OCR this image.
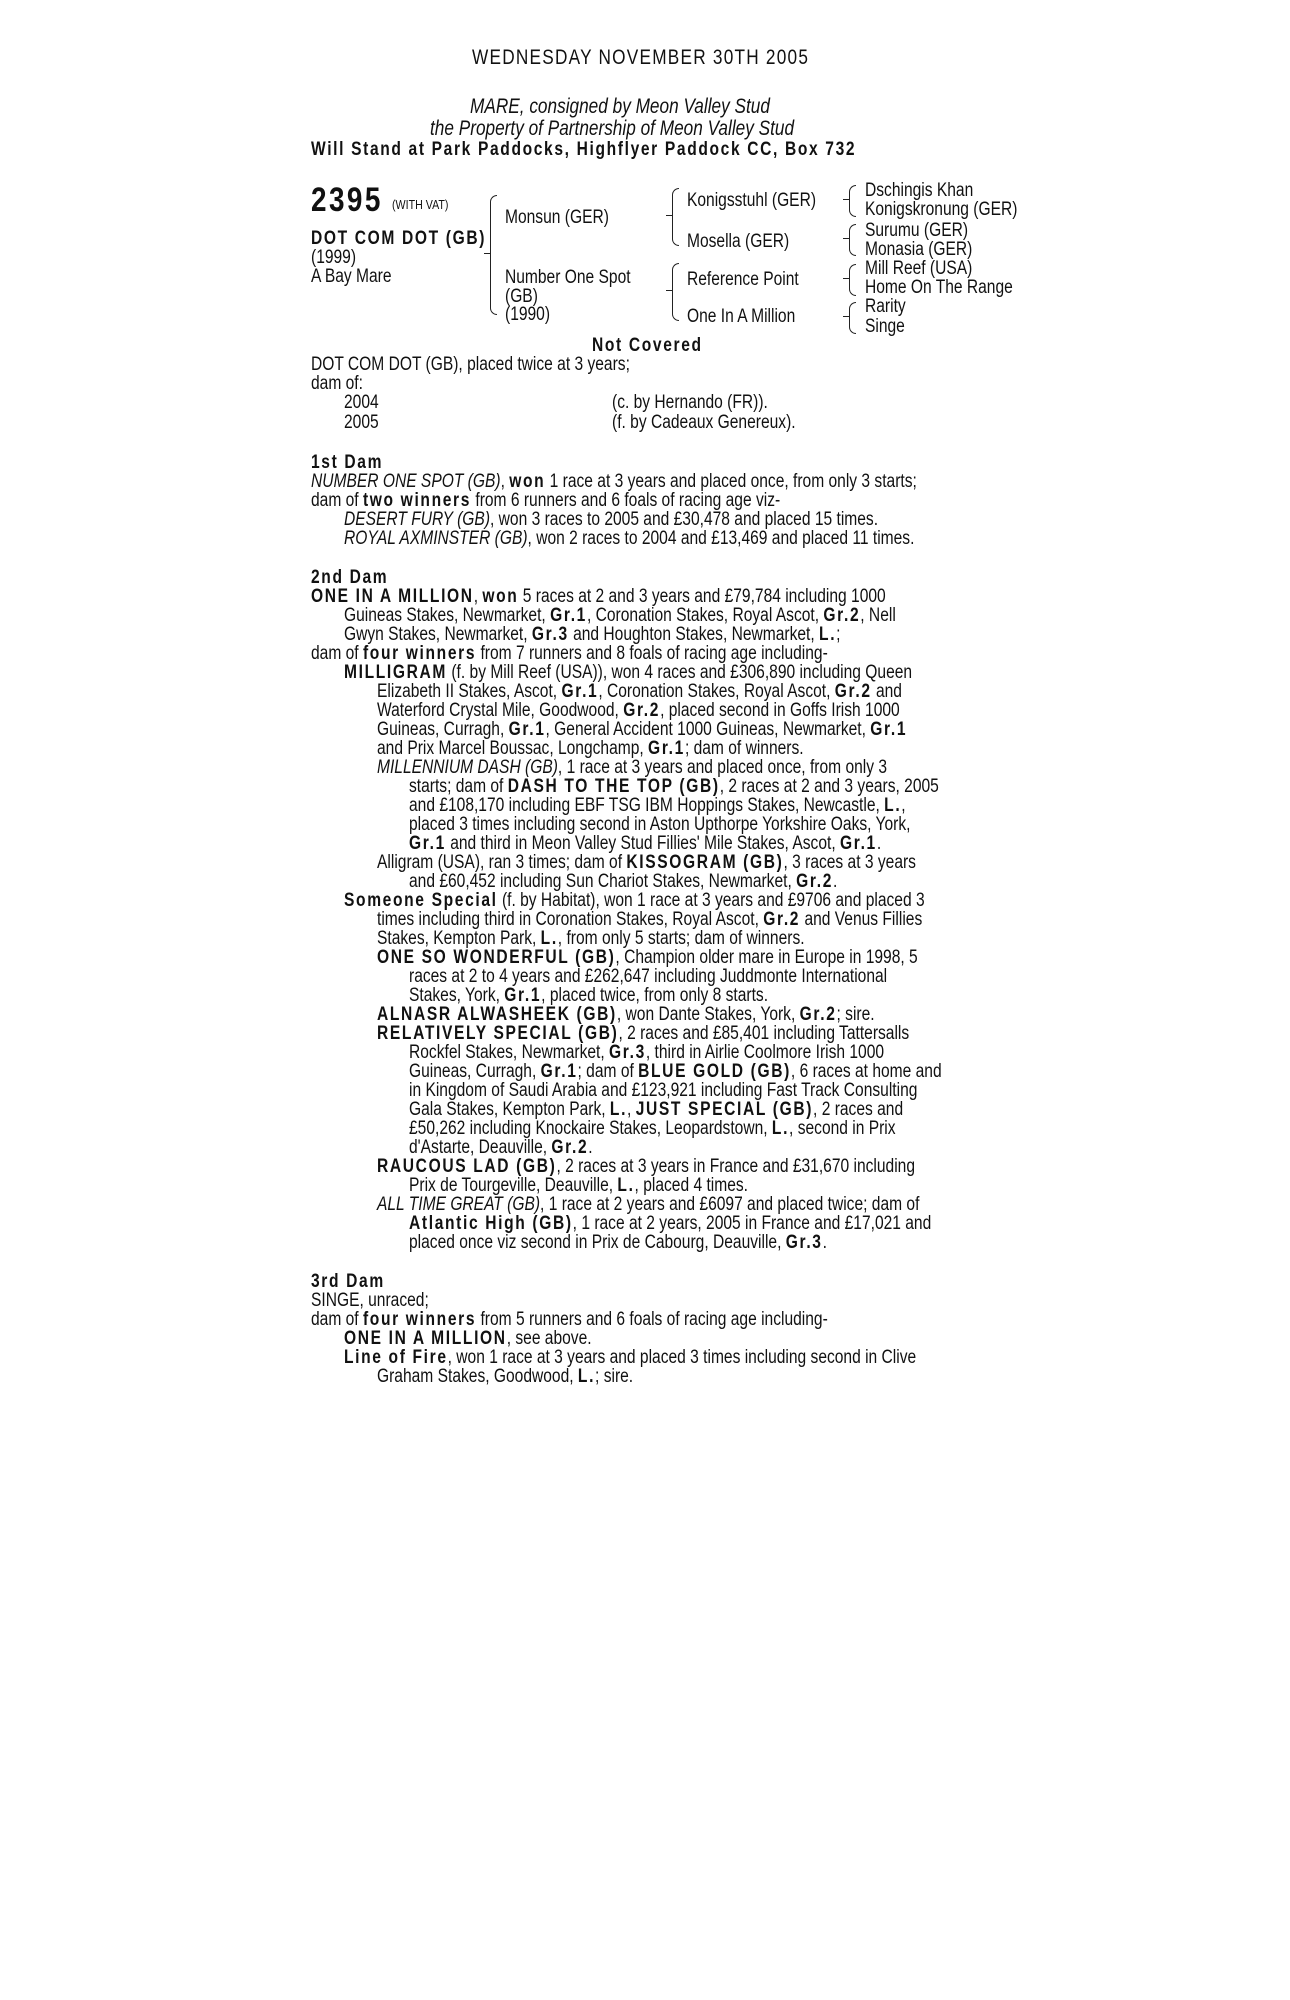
WEDNESDAY NOVEMBER 30TH 2005
MARE, consigned by Meon Valley Stud
the Property of Partnership of Meon Valley Stud
Will Stand at Park Paddocks, Highflyer Paddock CC, Box 732
2395 (WITH VAT)
DOT COM DOT (GB)
(1999)
A Bay Mare
Monsun (GER)
Number One Spot
(GB)
(1990)
Konigsstuhl (GER)
Mosella (GER)
Reference Point
One In A Million
Dschingis Khan
Konigskronung (GER)
Surumu (GER)
Monasia (GER)
Mill Reef (USA)
Home On The Range
Rarity
Singe
Not Covered
DOT COM DOT (GB), placed twice at 3 years;
dam of:
2004	(c. by Hernando (FR)).
2005	(f. by Cadeaux Genereux).
1st Dam
NUMBER ONE SPOT (GB), won 1 race at 3 years and placed once, from only 3 starts;
dam of two winners from 6 runners and 6 foals of racing age viz-
DESERT FURY (GB), won 3 races to 2005 and £30,478 and placed 15 times.
ROYAL AXMINSTER (GB), won 2 races to 2004 and £13,469 and placed 11 times.
2nd Dam
ONE IN A MILLION, won 5 races at 2 and 3 years and £79,784 including 1000
Guineas Stakes, Newmarket, Gr.1, Coronation Stakes, Royal Ascot, Gr.2, Nell
Gwyn Stakes, Newmarket, Gr.3 and Houghton Stakes, Newmarket, L.;
dam of four winners from 7 runners and 8 foals of racing age including-
MILLIGRAM (f. by Mill Reef (USA)), won 4 races and £306,890 including Queen
Elizabeth II Stakes, Ascot, Gr.1, Coronation Stakes, Royal Ascot, Gr.2 and
Waterford Crystal Mile, Goodwood, Gr.2, placed second in Goffs Irish 1000
Guineas, Curragh, Gr.1, General Accident 1000 Guineas, Newmarket, Gr.1
and Prix Marcel Boussac, Longchamp, Gr.1; dam of winners.
MILLENNIUM DASH (GB), 1 race at 3 years and placed once, from only 3
starts; dam of DASH TO THE TOP (GB), 2 races at 2 and 3 years, 2005
and £108,170 including EBF TSG IBM Hoppings Stakes, Newcastle, L.,
placed 3 times including second in Aston Upthorpe Yorkshire Oaks, York,
Gr.1 and third in Meon Valley Stud Fillies' Mile Stakes, Ascot, Gr.1.
Alligram (USA), ran 3 times; dam of KISSOGRAM (GB), 3 races at 3 years
and £60,452 including Sun Chariot Stakes, Newmarket, Gr.2.
Someone Special (f. by Habitat), won 1 race at 3 years and £9706 and placed 3
times including third in Coronation Stakes, Royal Ascot, Gr.2 and Venus Fillies
Stakes, Kempton Park, L., from only 5 starts; dam of winners.
ONE SO WONDERFUL (GB), Champion older mare in Europe in 1998, 5
races at 2 to 4 years and £262,647 including Juddmonte International
Stakes, York, Gr.1, placed twice, from only 8 starts.
ALNASR ALWASHEEK (GB), won Dante Stakes, York, Gr.2; sire.
RELATIVELY SPECIAL (GB), 2 races and £85,401 including Tattersalls
Rockfel Stakes, Newmarket, Gr.3, third in Airlie Coolmore Irish 1000
Guineas, Curragh, Gr.1; dam of BLUE GOLD (GB), 6 races at home and
in Kingdom of Saudi Arabia and £123,921 including Fast Track Consulting
Gala Stakes, Kempton Park, L., JUST SPECIAL (GB), 2 races and
£50,262 including Knockaire Stakes, Leopardstown, L., second in Prix
d'Astarte, Deauville, Gr.2.
RAUCOUS LAD (GB), 2 races at 3 years in France and £31,670 including
Prix de Tourgeville, Deauville, L., placed 4 times.
ALL TIME GREAT (GB), 1 race at 2 years and £6097 and placed twice; dam of
Atlantic High (GB), 1 race at 2 years, 2005 in France and £17,021 and
placed once viz second in Prix de Cabourg, Deauville, Gr.3.
3rd Dam
SINGE, unraced;
dam of four winners from 5 runners and 6 foals of racing age including-
ONE IN A MILLION, see above.
Line of Fire, won 1 race at 3 years and placed 3 times including second in Clive
Graham Stakes, Goodwood, L.; sire.
